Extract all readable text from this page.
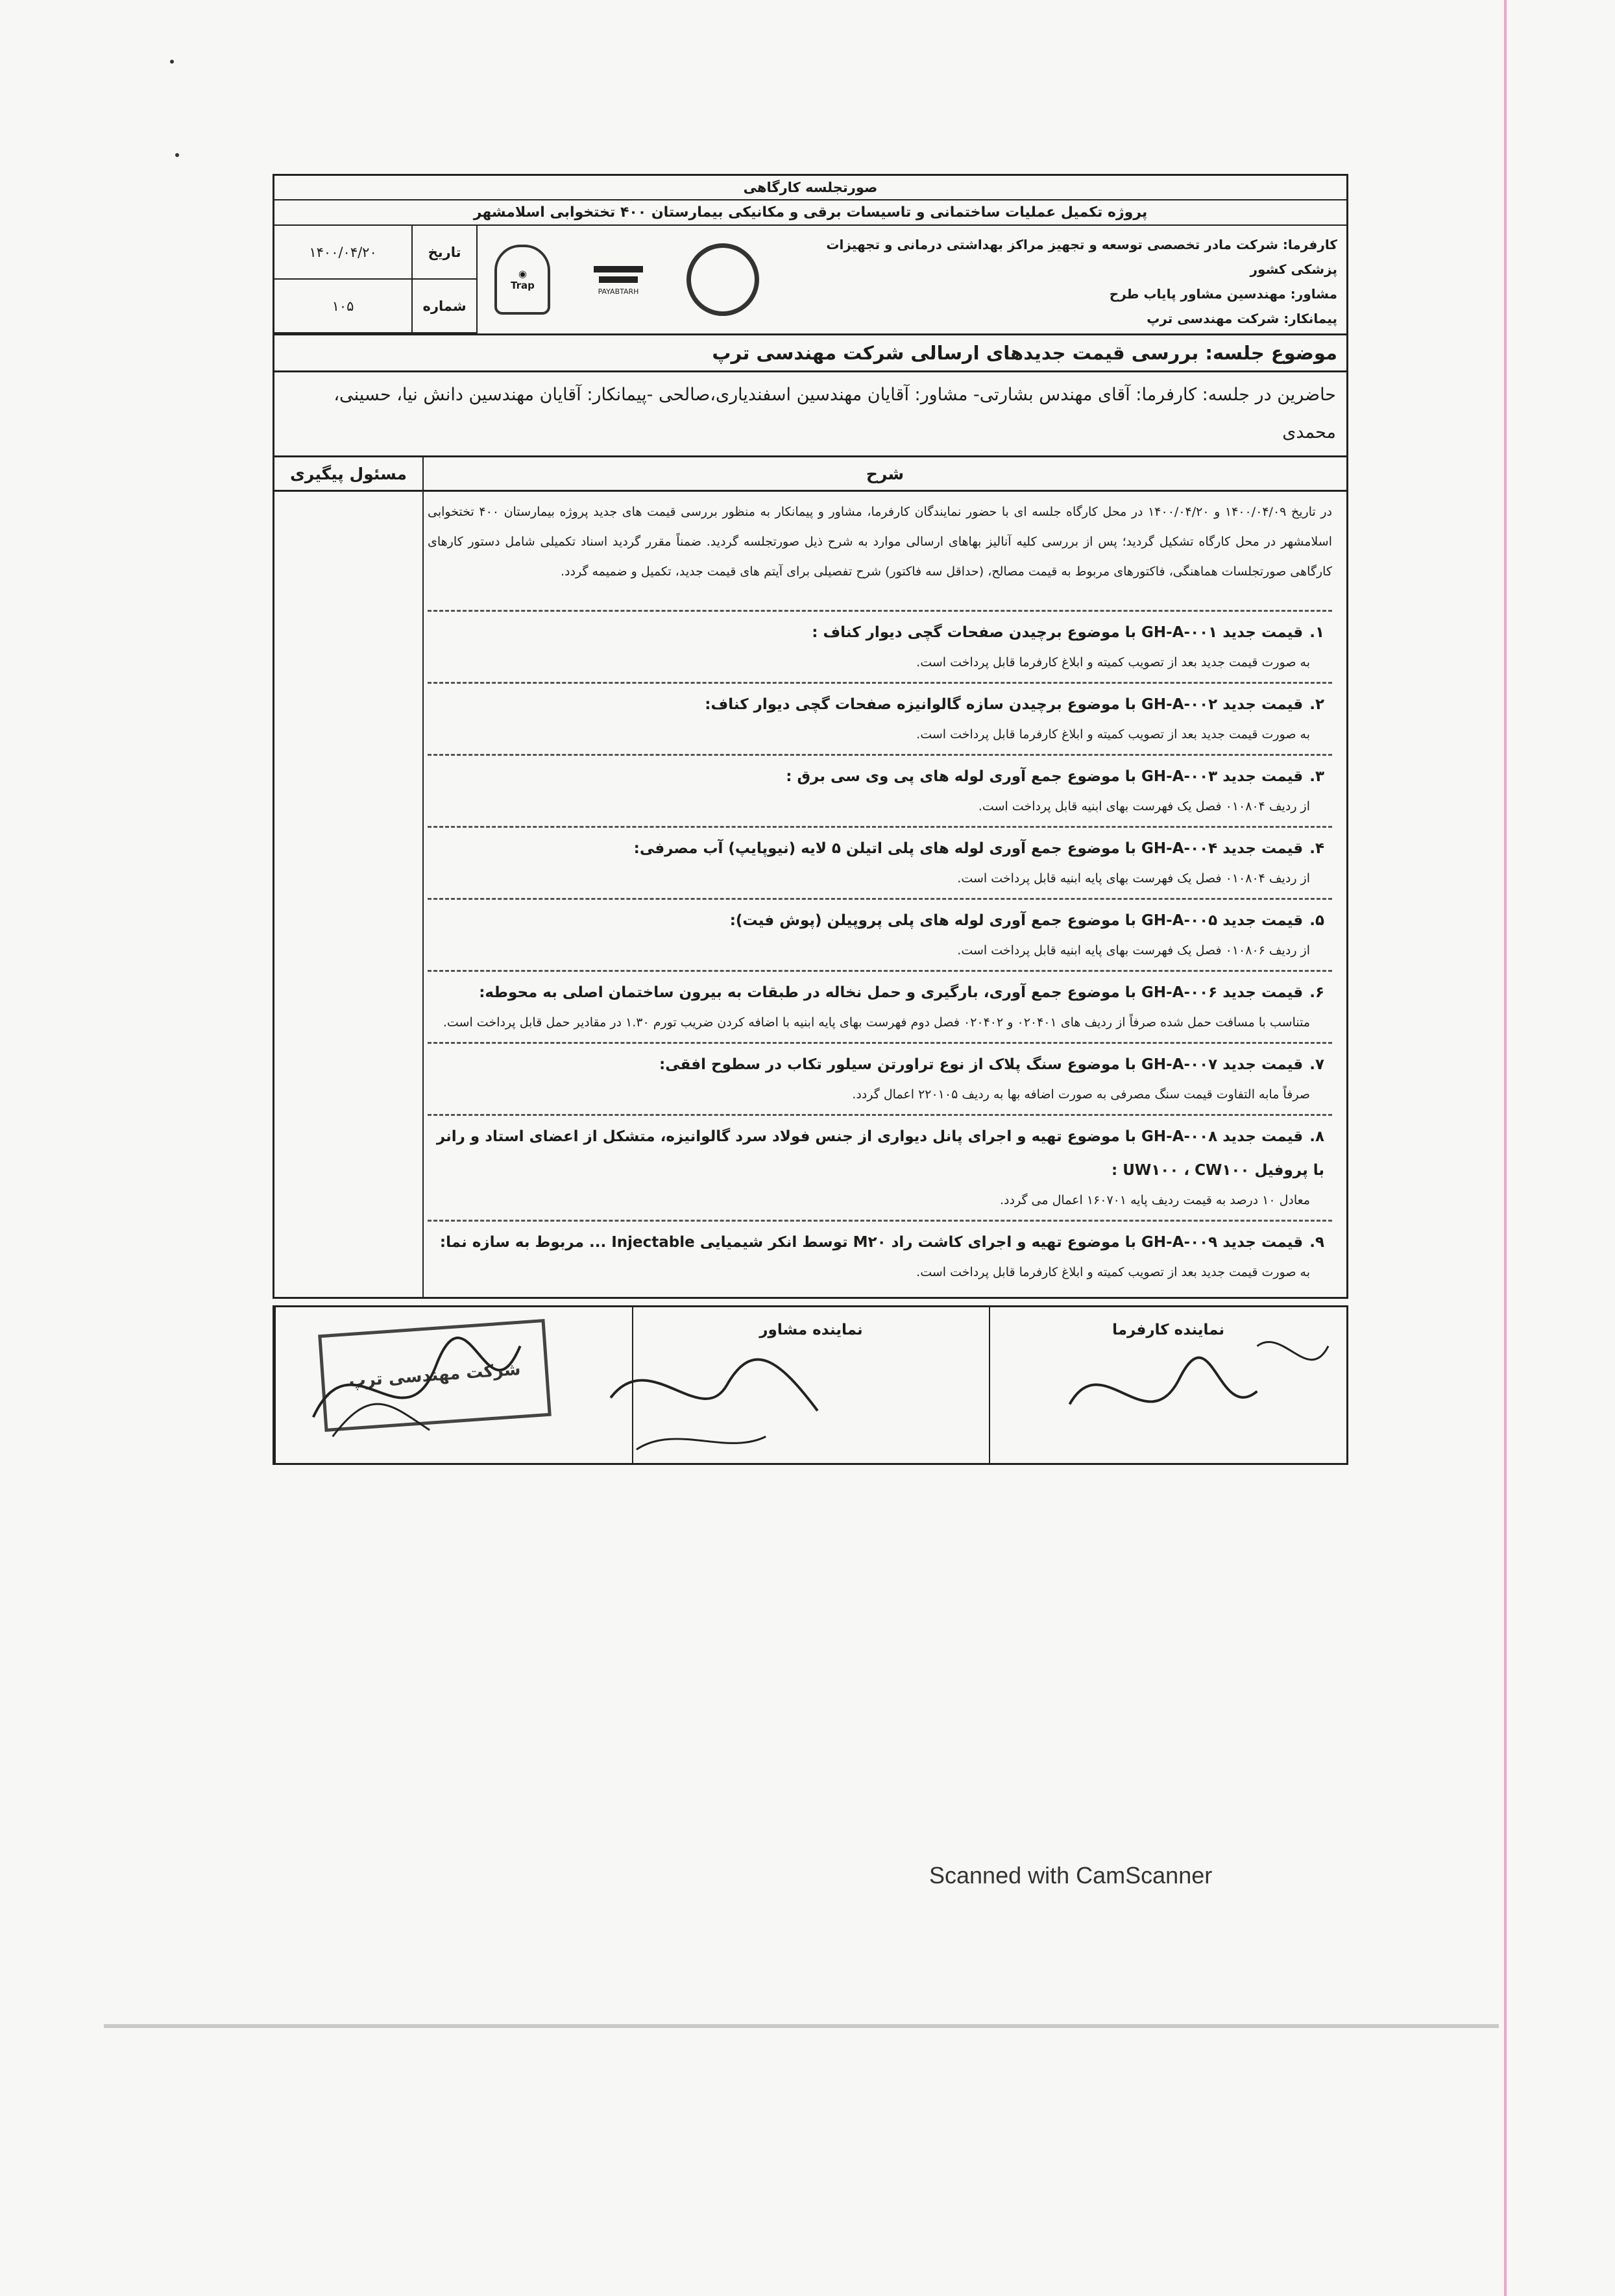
صورتجلسه کارگاهی
پروژه تکمیل عملیات ساختمانی و تاسیسات برقی و مکانیکی بیمارستان ۴۰۰ تختخوابی اسلامشهر
کارفرما: شرکت مادر تخصصی توسعه و تجهیز مراکز بهداشتی درمانی و تجهیزات پزشکی کشور
مشاور: مهندسین مشاور پایاب طرح
پیمانکار: شرکت مهندسی ترپ
PAYABTARH
◉
Trap
تاریخ
۱۴۰۰/۰۴/۲۰
شماره
۱۰۵
موضوع جلسه: بررسی قیمت جدیدهای ارسالی شرکت مهندسی ترپ
حاضرین در جلسه: کارفرما: آقای مهندس بشارتی- مشاور: آقایان مهندسین اسفندیاری،صالحی -پیمانکار: آقایان مهندسین دانش نیا، حسینی، محمدی
شرح
مسئول پیگیری
در تاریخ ۱۴۰۰/۰۴/۰۹ و ۱۴۰۰/۰۴/۲۰ در محل کارگاه جلسه ای با حضور نمایندگان کارفرما، مشاور و پیمانکار به منظور بررسی قیمت های جدید پروژه بیمارستان ۴۰۰ تختخوابی اسلامشهر در محل کارگاه تشکیل گردید؛ پس از بررسی کلیه آنالیز بهاهای ارسالی موارد به شرح ذیل صورتجلسه گردید. ضمناً مقرر گردید اسناد تکمیلی شامل دستور کارهای کارگاهی صورتجلسات هماهنگی، فاکتورهای مربوط به قیمت مصالح، (حداقل سه فاکتور) شرح تفصیلی برای آیتم های قیمت جدید، تکمیل و ضمیمه گردد.
۱.قیمت جدید GH-A-۰۰۱ با موضوع برچیدن صفحات گچی دیوار کناف :
به صورت قیمت جدید بعد از تصویب کمیته و ابلاغ کارفرما قابل پرداخت است.
۲.قیمت جدید GH-A-۰۰۲ با موضوع برچیدن سازه گالوانیزه صفحات گچی دیوار کناف:
به صورت قیمت جدید بعد از تصویب کمیته و ابلاغ کارفرما قابل پرداخت است.
۳.قیمت جدید GH-A-۰۰۳ با موضوع جمع آوری لوله های پی وی سی برق :
از ردیف ۰۱۰۸۰۴ فصل یک فهرست بهای ابنیه قابل پرداخت است.
۴.قیمت جدید GH-A-۰۰۴ با موضوع جمع آوری لوله های پلی اتیلن ۵ لایه (نیوپایپ) آب مصرفی:
از ردیف ۰۱۰۸۰۴ فصل یک فهرست بهای پایه ابنیه قابل پرداخت است.
۵.قیمت جدید GH-A-۰۰۵ با موضوع جمع آوری لوله های پلی پروپیلن (پوش فیت):
از ردیف ۰۱۰۸۰۶ فصل یک فهرست بهای پایه ابنیه قابل پرداخت است.
۶.قیمت جدید GH-A-۰۰۶ با موضوع جمع آوری، بارگیری و حمل نخاله در طبقات به بیرون ساختمان اصلی به محوطه:
متناسب با مسافت حمل شده صرفاً از ردیف های ۰۲۰۴۰۱ و ۰۲۰۴۰۲ فصل دوم فهرست بهای پایه ابنیه با اضافه کردن ضریب تورم ۱.۳۰ در مقادیر حمل قابل پرداخت است.
۷.قیمت جدید GH-A-۰۰۷ با موضوع سنگ پلاک از نوع تراورتن سیلور تکاب در سطوح افقی:
صرفاً مابه التفاوت قیمت سنگ مصرفی به صورت اضافه بها به ردیف ۲۲۰۱۰۵ اعمال گردد.
۸.قیمت جدید GH-A-۰۰۸ با موضوع تهیه و اجرای پانل دیواری از جنس فولاد سرد گالوانیزه، متشکل از اعضای استاد و رانر با پروفیل UW۱۰۰ ، CW۱۰۰ :
معادل ۱۰ درصد به قیمت ردیف پایه ۱۶۰۷۰۱ اعمال می گردد.
۹.قیمت جدید GH-A-۰۰۹ با موضوع تهیه و اجرای کاشت راد M۲۰ توسط انکر شیمیایی Injectable ... مربوط به سازه نما:
به صورت قیمت جدید بعد از تصویب کمیته و ابلاغ کارفرما قابل پرداخت است.
نماینده کارفرما
نماینده مشاور
شرکت مهندسی ترپ
Scanned with CamScanner
